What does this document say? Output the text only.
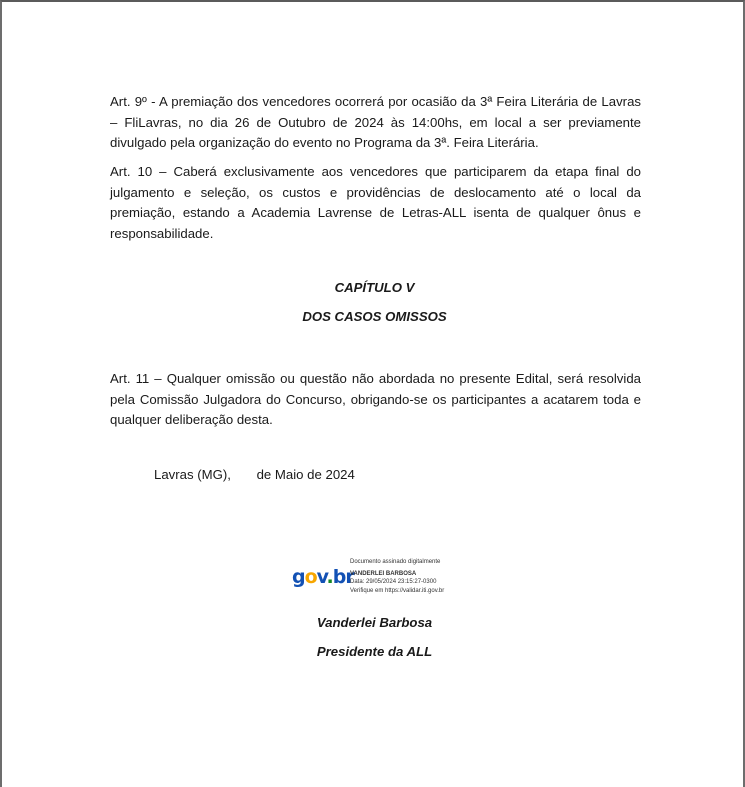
Art. 9º - A premiação dos vencedores ocorrerá por ocasião da 3ª Feira Literária de Lavras – FliLavras, no dia 26 de Outubro de 2024 às 14:00hs, em local a ser previamente divulgado pela organização do evento no Programa da 3ª. Feira Literária.

Art. 10 – Caberá exclusivamente aos vencedores que participarem da etapa final do julgamento e seleção, os custos e providências de deslocamento até o local da premiação, estando a Academia Lavrense de Letras-ALL isenta de qualquer ônus e responsabilidade.

CAPÍTULO V

DOS CASOS OMISSOS

Art. 11 – Qualquer omissão ou questão não abordada no presente Edital, será resolvida pela Comissão Julgadora do Concurso, obrigando-se os participantes a acatarem toda e qualquer deliberação desta.

Lavras (MG),       de Maio de 2024
gov.br
Documento assinado digitalmente
VANDERLEI BARBOSA
Data: 29/05/2024 23:15:27-0300
Verifique em https://validar.iti.gov.br
Vanderlei Barbosa
Presidente da ALL
